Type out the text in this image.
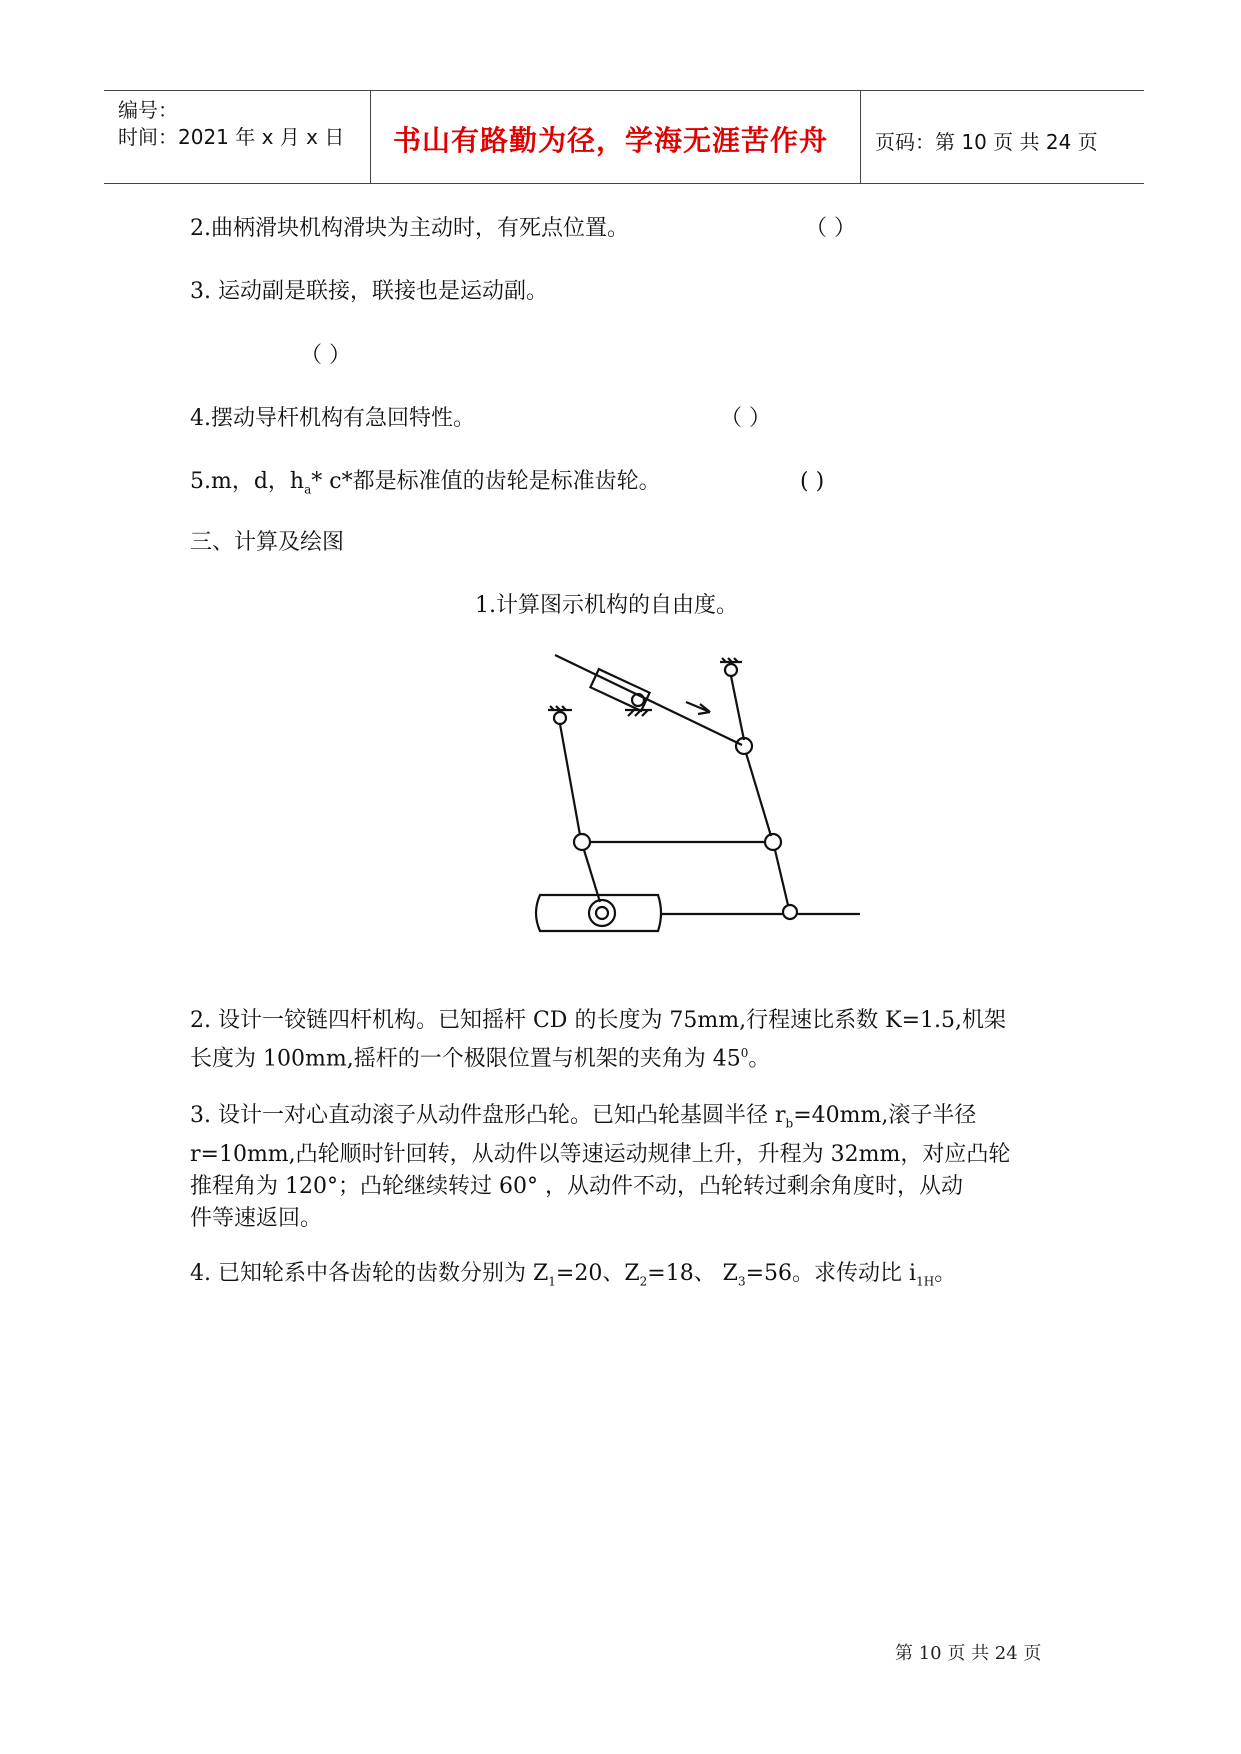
编号：
时间：2021 年 x 月 x 日 书山有路勤为径，学海无涯苦作舟 页码：第 10 页 共 24 页
2.曲柄滑块机构滑块为主动时，有死点位置。	（ ）
3. 运动副是联接，联接也是运动副。
（ ）
4.摆动导杆机构有急回特性。	（ ）
5.m，d，$h_a*$ c*都是标准值的齿轮是标准齿轮。	( )
三、计算及绘图
1.计算图示机构的自由度。
2. 设计一铰链四杆机构。已知摇杆 CD 的长度为 75mm,行程速比系数 K=1.5,机架
长度为 100mm,摇杆的一个极限位置与机架的夹角为 $45^0$。
3. 设计一对心直动滚子从动件盘形凸轮。已知凸轮基圆半径 $r_b=40mm$,滚子半径
r=10mm,凸轮顺时针回转，从动件以等速运动规律上升，升程为 32mm，对应凸轮
推程角为 120°；凸轮继续转过 60° ，从动件不动，凸轮转过剩余角度时，从动
件等速返回。
4. 已知轮系中各齿轮的齿数分别为 $Z_1=20$、$Z_2=18$、 $Z_3=56$。求传动比 $i_{1H}$。
第 10 页 共 24 页
